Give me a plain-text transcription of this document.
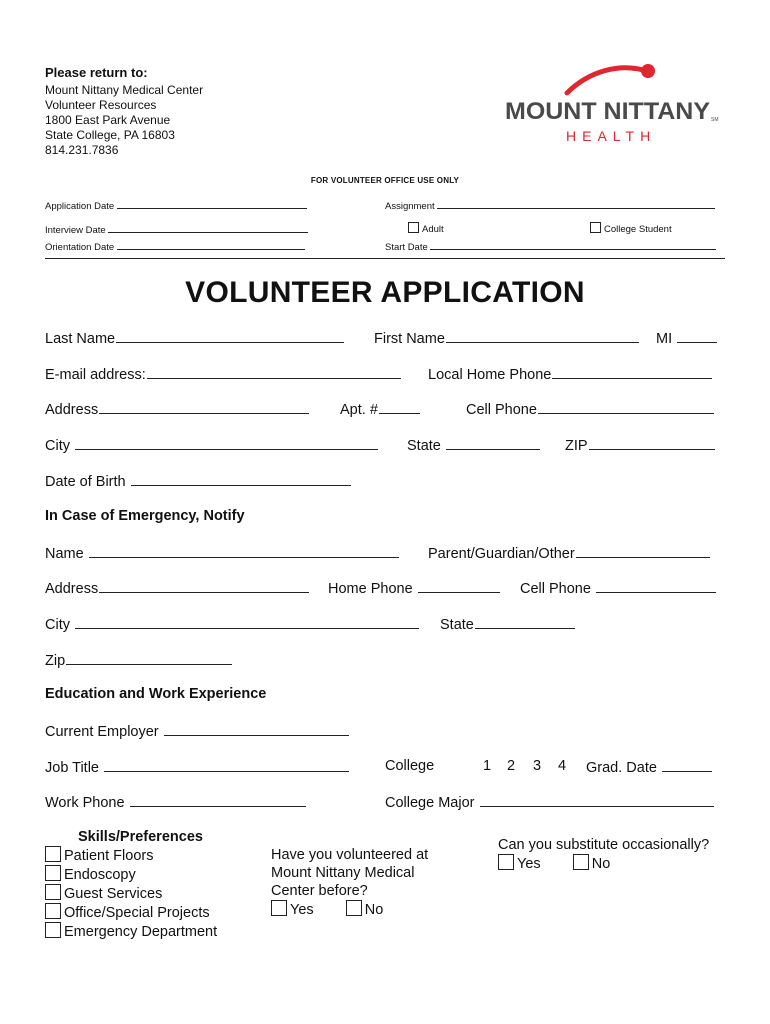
Please return to:
Mount Nittany Medical Center
Volunteer Resources
1800 East Park Avenue
State College, PA 16803
814.231.7836
MOUNT NITTANY SM
HEALTH
FOR VOLUNTEER OFFICE USE ONLY
Application Date	Assignment
Interview Date	Adult	College Student
Orientation Date	Start Date
VOLUNTEER APPLICATION
Last Name	First Name	MI
E-mail address:	Local Home Phone
Address	Apt. #	Cell Phone
City	State	ZIP
Date of Birth
In Case of Emergency, Notify
Name	Parent/Guardian/Other
Address	Home Phone	Cell Phone
City	State
Zip
Education and Work Experience
Current Employer
Job Title	College	1 2 3 4 Grad. Date
Work Phone	College Major
Skills/Preferences
Patient Floors
Endoscopy
Guest Services
Office/Special Projects
Emergency Department
Have you volunteered at
Mount Nittany Medical
Center before?
Yes	No
Can you substitute occasionally?
Yes	No
